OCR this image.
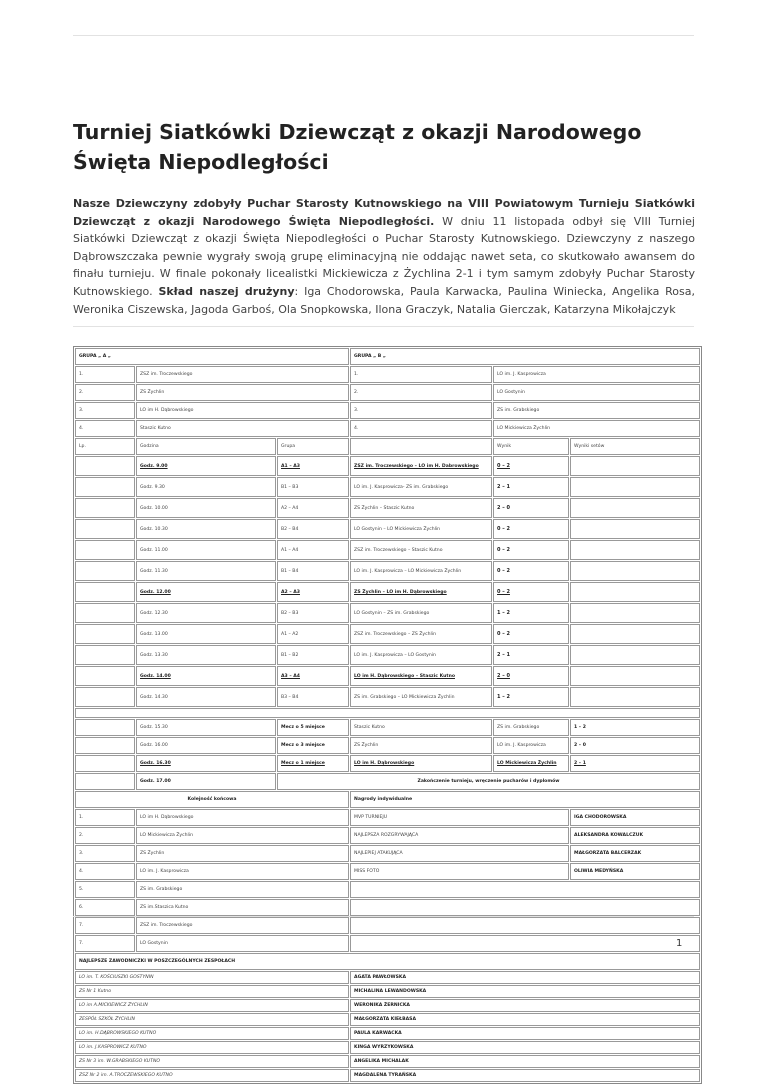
Turniej Siatkówki Dziewcząt z okazji Narodowego Święta Niepodległości

Nasze Dziewczyny zdobyły Puchar Starosty Kutnowskiego na VIII Powiatowym Turnieju Siatkówki Dziewcząt z okazji Narodowego Święta Niepodległości. W dniu 11 listopada odbył się VIII Turniej Siatkówki Dziewcząt z okazji Święta Niepodległości o Puchar Starosty Kutnowskiego. Dziewczyny z naszego Dąbrowszczaka pewnie wygrały swoją grupę eliminacyjną nie oddając nawet seta, co skutkowało awansem do finału turnieju. W finale pokonały licealistki Mickiewicza z Żychlina 2-1 i tym samym zdobyły Puchar Starosty Kutnowskiego. Skład naszej drużyny: Iga Chodorowska, Paula Karwacka, Paulina Winiecka, Angelika Rosa, Weronika Ciszewska, Jagoda Garboś, Ola Snopkowska, Ilona Graczyk, Natalia Gierczak, Katarzyna Mikołajczyk

GRUPA „ A „			GRUPA „ B „		
1.	ZSZ im. Troczewskiego		1.	LO im. J. Kasprowicza	
2.	ZS Żychlin		2.	LO Gostynin	
3.	LO im H. Dąbrowskiego		3.	ZS im. Grabskiego	
4.	Staszic Kutno		4.	LO Mickiewicza Żychlin	
Lp.	Godzina	Grupa		Wynik	Wyniki setów
	Godz. 9.00	A1 – A3	ZSZ im. Troczewskiego – LO im H. Dabrowskiego	0 – 2	
	Godz. 9.30	B1 – B3	LO im. J. Kasprowicza- ZS im. Grabskiego	2 – 1	
	Godz. 10.00	A2 – A4	ZS Żychlin – Staszic Kutno	2 – 0	
	Godz. 10.30	B2 – B4	LO Gostynin – LO Mickiewicza Żychlin	0 – 2	
	Godz. 11.00	A1 – A4	ZSZ im. Troczewskiego – Staszic Kutno	0 – 2	
	Godz. 11.30	B1 – B4	LO im. J. Kasprowicza – LO Mickiewicza Żychlin	0 – 2	
	Godz. 12.00	A2 – A3	ZS Żychlin – LO im H. Dąbrowskiego	0 – 2	
	Godz. 12.30	B2 – B3	LO Gostynin – ZS im. Grabskiego	1 – 2	
	Godz. 13.00	A1 – A2	ZSZ im. Troczewskiego – ZS Żychlin	0 – 2	
	Godz. 13.30	B1 – B2	LO im. J. Kasprowicza – LO Gostynin	2 – 1	
	Godz. 14.00	A3 – A4	LO im H. Dąbrowskiego – Staszic Kutno	2 – 0	
	Godz. 14.30	B3 – B4	ZS im. Grabskiego – LO Mickiewicza Żychlin	1 – 2	

	Godz. 15.30	Mecz o 5 miejsce	Staszic Kutno	ZS im. Grabskiego	1 – 2
	Godz. 16.00	Mecz o 3 miejsce	ZS Żychlin	LO im. J. Kasprowicza	2 – 0
	Godz. 16.30	Mecz o 1 miejsce	LO im H. Dąbrowskiego	LO Mickiewicza Żychlin	2 – 1
	Godz. 17.00	Zakończenie turnieju, wręczenie pucharów i dyplomów			
Kolejność końcowa			Nagrody indywidualne		
1.	LO im H. Dąbrowskiego		MVP TURNIEJU		IGA CHODOROWSKA
2.	LO Mickiewicza Żychlin		NAJLEPSZA ROZGRYWAJĄCA		ALEKSANDRA KOWALCZUK
3.	ZS Żychlin		NAJLEPIEJ ATAKUJĄCA		MAŁGORZATA BALCERZAK
4.	LO im. J. Kasprowicza		MISS FOTO		OLIWIA MEDYŃSKA
5.	ZS im. Grabskiego				
6.	ZS im.Staszica Kutno				
7.	ZSZ im. Troczewskiego				
7.	LO Gostynin				
NAJLEPSZE ZAWODNICZKI W POSZCZEGÓLNYCH ZESPOŁACH					
LO im. T. KOŚCIUSZKI GOSTYNIN			AGATA PAWŁOWSKA		
ZS Nr 1 Kutno			MICHALINA LEWANDOWSKA		
LO im A.MICKIEWICZ ŻYCHLIN			WERONIKA ŻERNICKA		
ZESPÓŁ SZKÓŁ ŻYCHLIN			MAŁGORZATA KIEŁBASA		
LO im. H.DĄBROWSKIEGO KUTNO			PAULA KARWACKA		
LO im. J.KASPROWICZ KUTNO			KINGA WYRZYKOWSKA		
ZS Nr 3 im. W.GRABSKIEGO KUTNO			ANGELIKA MICHALAK		
ZSZ Nr 2 im. A.TROCZEWSKIEGO KUTNO			MAGDALENA TYRAŃSKA		
1
